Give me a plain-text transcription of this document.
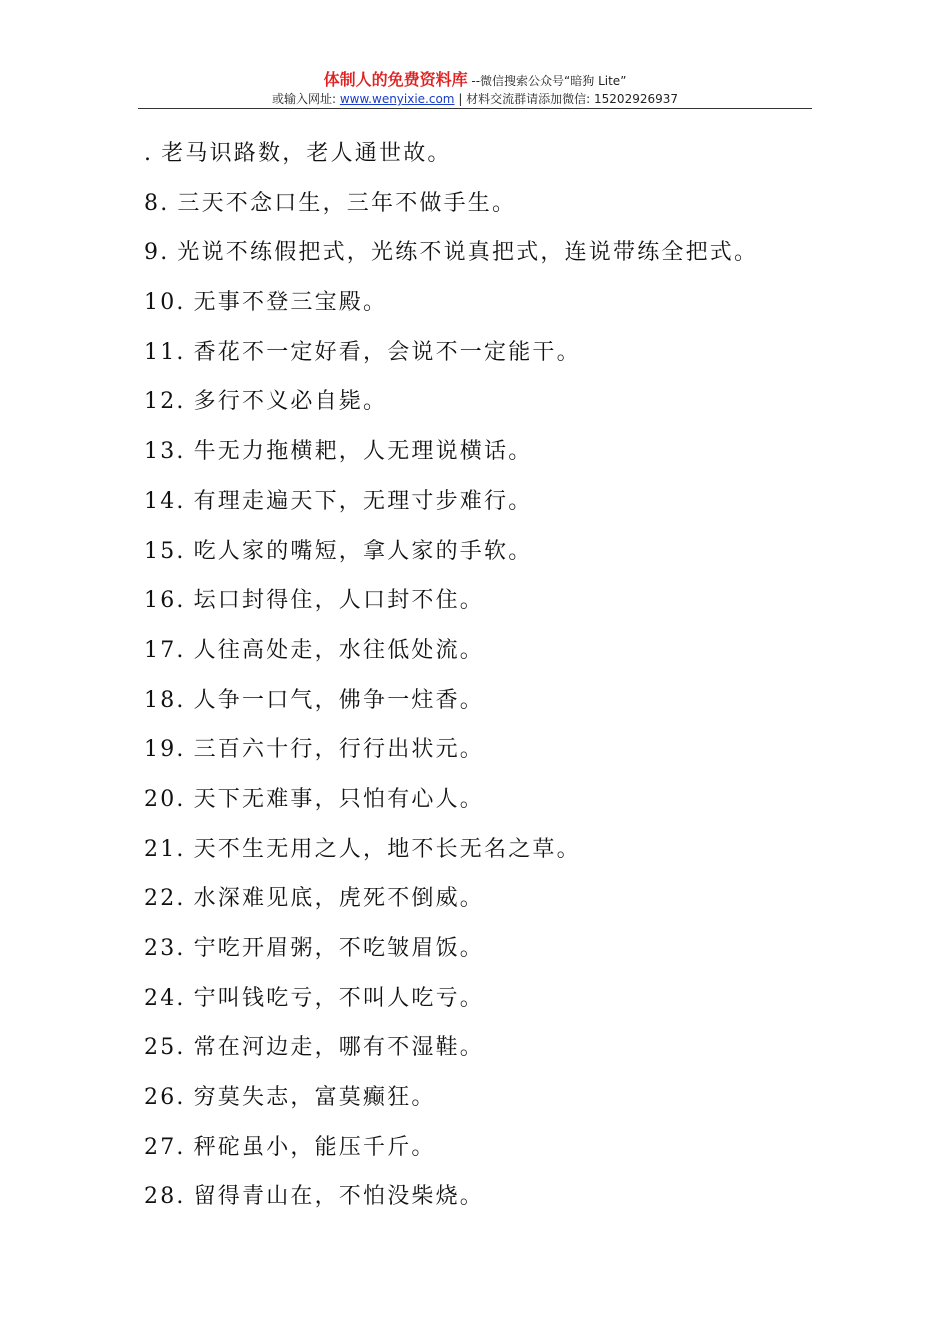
体制人的免费资料库 --微信搜索公众号“暗狗 Lite”
或输入网址: www.wenyixie.com | 材料交流群请添加微信: 15202926937
. 老马识路数，老人通世故。
8. 三天不念口生，三年不做手生。
9. 光说不练假把式，光练不说真把式，连说带练全把式。
10. 无事不登三宝殿。
11. 香花不一定好看，会说不一定能干。
12. 多行不义必自毙。
13. 牛无力拖横耙，人无理说横话。
14. 有理走遍天下，无理寸步难行。
15. 吃人家的嘴短，拿人家的手软。
16. 坛口封得住，人口封不住。
17. 人往高处走，水往低处流。
18. 人争一口气，佛争一炷香。
19. 三百六十行，行行出状元。
20. 天下无难事，只怕有心人。
21. 天不生无用之人，地不长无名之草。
22. 水深难见底，虎死不倒威。
23. 宁吃开眉粥，不吃皱眉饭。
24. 宁叫钱吃亏，不叫人吃亏。
25. 常在河边走，哪有不湿鞋。
26. 穷莫失志，富莫癫狂。
27. 秤砣虽小，能压千斤。
28. 留得青山在，不怕没柴烧。
